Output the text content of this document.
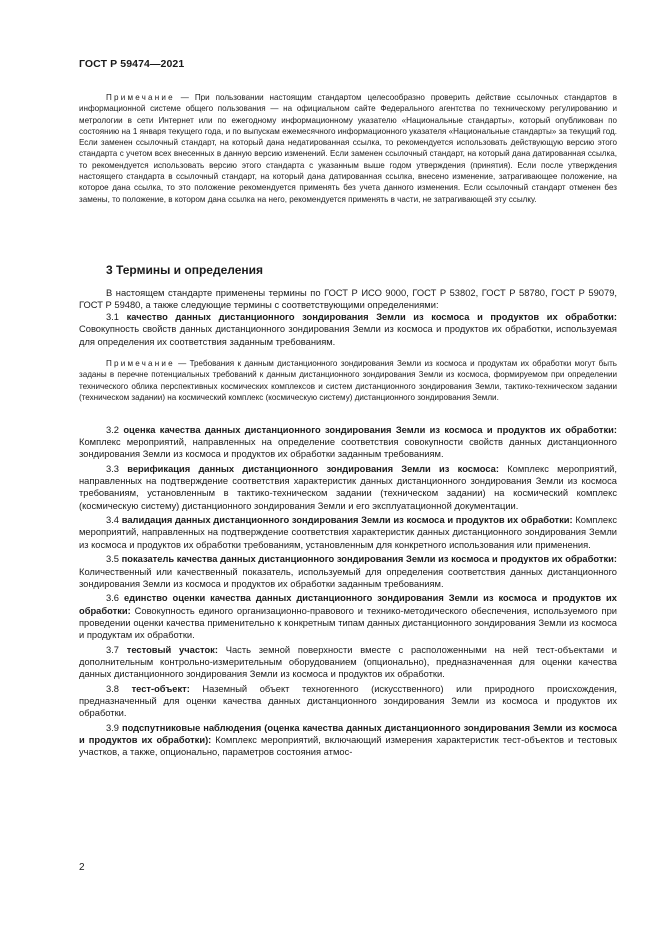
ГОСТ Р 59474—2021

Примечание — При пользовании настоящим стандартом целесообразно проверить действие ссылочных стандартов в информационной системе общего пользования — на официальном сайте Федерального агентства по техническому регулированию и метрологии в сети Интернет или по ежегодному информационному указателю «Национальные стандарты», который опубликован по состоянию на 1 января текущего года, и по выпускам ежемесячного информационного указателя «Национальные стандарты» за текущий год. Если заменен ссылочный стандарт, на который дана недатированная ссылка, то рекомендуется использовать действующую версию этого стандарта с учетом всех внесенных в данную версию изменений. Если заменен ссылочный стандарт, на который дана датированная ссылка, то рекомендуется использовать версию этого стандарта с указанным выше годом утверждения (принятия). Если после утверждения настоящего стандарта в ссылочный стандарт, на который дана датированная ссылка, внесено изменение, затрагивающее положение, на которое дана ссылка, то это положение рекомендуется применять без учета данного изменения. Если ссылочный стандарт отменен без замены, то положение, в котором дана ссылка на него, рекомендуется применять в части, не затрагивающей эту ссылку.

3 Термины и определения

В настоящем стандарте применены термины по ГОСТ Р ИСО 9000, ГОСТ Р 53802, ГОСТ Р 58780, ГОСТ Р 59079, ГОСТ Р 59480, а также следующие термины с соответствующими определениями:

3.1 качество данных дистанционного зондирования Земли из космоса и продуктов их обработки: Совокупность свойств данных дистанционного зондирования Земли из космоса и продуктов их обработки, используемая для определения их соответствия заданным требованиям.

Примечание — Требования к данным дистанционного зондирования Земли из космоса и продуктам их обработки могут быть заданы в перечне потенциальных требований к данным дистанционного зондирования Земли из космоса, формируемом при определении технического облика перспективных космических комплексов и систем дистанционного зондирования Земли, тактико-техническом задании (техническом задании) на космический комплекс (космическую систему) дистанционного зондирования Земли.

3.2 оценка качества данных дистанционного зондирования Земли из космоса и продуктов их обработки: Комплекс мероприятий, направленных на определение соответствия совокупности свойств данных дистанционного зондирования Земли из космоса и продуктов их обработки заданным требованиям.

3.3 верификация данных дистанционного зондирования Земли из космоса: Комплекс мероприятий, направленных на подтверждение соответствия характеристик данных дистанционного зондирования Земли из космоса требованиям, установленным в тактико-техническом задании (техническом задании) на космический комплекс (космическую систему) дистанционного зондирования Земли и его эксплуатационной документации.

3.4 валидация данных дистанционного зондирования Земли из космоса и продуктов их обработки: Комплекс мероприятий, направленных на подтверждение соответствия характеристик данных дистанционного зондирования Земли из космоса и продуктов их обработки требованиям, установленным для конкретного использования или применения.

3.5 показатель качества данных дистанционного зондирования Земли из космоса и продуктов их обработки: Количественный или качественный показатель, используемый для определения соответствия данных дистанционного зондирования Земли из космоса и продуктов их обработки заданным требованиям.

3.6 единство оценки качества данных дистанционного зондирования Земли из космоса и продуктов их обработки: Совокупность единого организационно-правового и технико-методического обеспечения, используемого при проведении оценки качества применительно к конкретным типам данных дистанционного зондирования Земли из космоса и продуктам их обработки.

3.7 тестовый участок: Часть земной поверхности вместе с расположенными на ней тест-объектами и дополнительным контрольно-измерительным оборудованием (опционально), предназначенная для оценки качества данных дистанционного зондирования Земли из космоса и продуктов их обработки.

3.8 тест-объект: Наземный объект техногенного (искусственного) или природного происхождения, предназначенный для оценки качества данных дистанционного зондирования Земли из космоса и продуктов их обработки.

3.9 подспутниковые наблюдения (оценка качества данных дистанционного зондирования Земли из космоса и продуктов их обработки): Комплекс мероприятий, включающий измерения характеристик тест-объектов и тестовых участков, а также, опционально, параметров состояния атмос-

2
